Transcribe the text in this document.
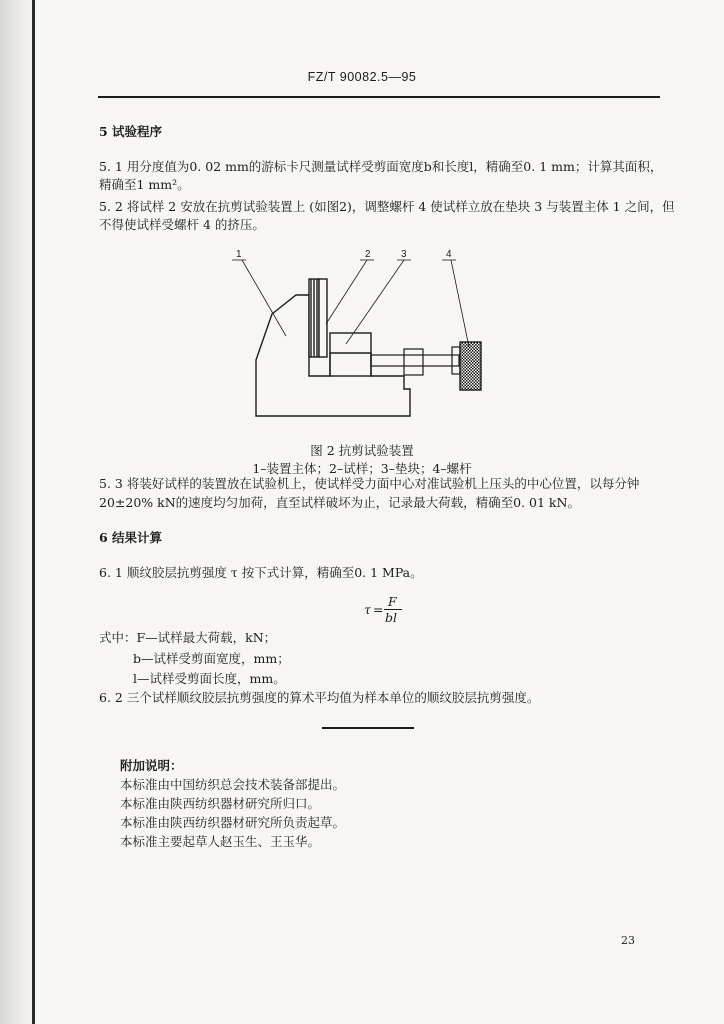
FZ/T 90082.5—95
5 试验程序
5. 1 用分度值为0. 02 mm的游标卡尺测量试样受剪面宽度b和长度l，精确至0. 1 mm；计算其面积，
精确至1 mm²。
5. 2 将试样 2 安放在抗剪试验装置上 (如图2)，调整螺杆 4 使试样立放在垫块 3 与装置主体 1 之间，但
不得使试样受螺杆 4 的挤压。
1	2	3	4
图 2 抗剪试验装置
1–装置主体；2–试样；3–垫块；4–螺杆
5. 3 将装好试样的装置放在试验机上，使试样受力面中心对准试验机上压头的中心位置，以每分钟
20±20% kN的速度均匀加荷，直至试样破坏为止，记录最大荷载，精确至0. 01 kN。
6 结果计算
6. 1 顺纹胶层抗剪强度 τ 按下式计算，精确至0. 1 MPa。
τ =
F
bl
式中：F—试样最大荷载，kN；
b—试样受剪面宽度，mm；
l—试样受剪面长度，mm。
6. 2 三个试样顺纹胶层抗剪强度的算术平均值为样本单位的顺纹胶层抗剪强度。
附加说明：
本标准由中国纺织总会技术装备部提出。
本标准由陕西纺织器材研究所归口。
本标准由陕西纺织器材研究所负责起草。
本标准主要起草人赵玉生、王玉华。
23
